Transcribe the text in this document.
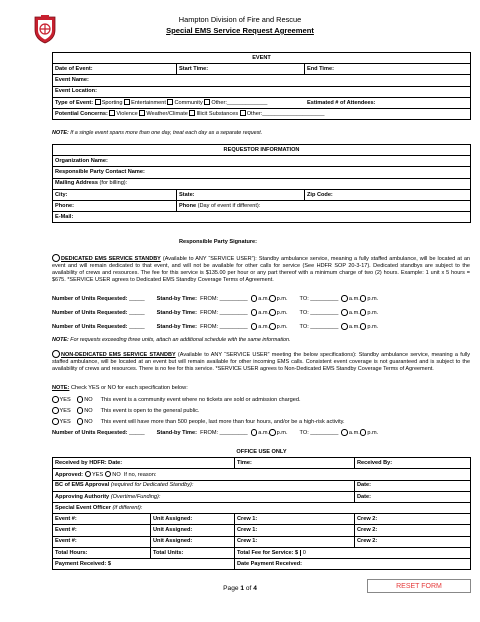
Hampton Division of Fire and Rescue
Special EMS Service Request Agreement
EVENT		
Date of Event:	Start Time:	End Time:
Event Name:		
Event Location:		
Type of Event: Sporting Entertainment Community Other:_____________		Estimated # of Attendees:
Potential Concerns: Violence Weather/Climate Illicit Substances Other:____________________		
NOTE: If a single event spans more than one day, treat each day as a separate request.
REQUESTOR INFORMATION		
Organization Name:		
Responsible Party Contact Name:		
Mailing Address (for billing):		
City:	State:	Zip Code:
Phone:	Phone (Day of event if different):	
E-Mail:		

	Responsible Party Signature:	
DEDICATED EMS SERVICE STANDBY (Available to ANY “SERVICE USER”): Standby ambulance service, meaning a fully staffed ambulance, will be located at an event and will remain dedicated to that event, and will not be available for other calls for service (See HDFR SOP 20-3-17). Dedicated standbys are subject to the availability of crews and resources. The fee for this service is $135.00 per hour or any part thereof with a minimum charge of two (2) hours. Example: 1 unit x 5 hours = $675. *SERVICE USER agrees to Dedicated EMS Standby Coverage Terms of Agreement.
Number of Units Requested: _____ Stand-by Time: FROM: _________ a.m. p.m. TO: _________ a.m. p.m.
Number of Units Requested: _____ Stand-by Time: FROM: _________ a.m. p.m. TO: _________ a.m. p.m.
Number of Units Requested: _____ Stand-by Time: FROM: _________ a.m. p.m. TO: _________ a.m. p.m.
NOTE: For requests exceeding three units, attach an additional schedule with the same information.
NON-DEDICATED EMS SERVICE STANDBY (Available to ANY “SERVICE USER” meeting the below specifications): Standby ambulance service, meaning a fully staffed ambulance, will be located at an event but will remain available for other incoming EMS calls. Consistent event coverage is not guaranteed and is subject to the availability of crews and resources. There is no fee for this service. *SERVICE USER agrees to Non-Dedicated EMS Standby Coverage Terms of Agreement.
NOTE: Check YES or NO for each specification below:
YES NO This event is a community event where no tickets are sold or admission charged.
YES NO This event is open to the general public.
YES NO This event will have more than 500 people, last more than four hours, and/or be a high-risk activity.
Number of Units Requested: _____ Stand-by Time: FROM: _________ a.m. p.m. TO: _________ a.m. p.m.
OFFICE USE ONLY			
Received by HDFR: Date:		Time:	Received By:
Approved: YES NO If no, reason:			
BC of EMS Approval (required for Dedicated Standby):			Date:
Approving Authority (Overtime/Funding):			Date:
Special Event Officer (if different):			
Event #:	Unit Assigned:	Crew 1:	Crew 2:
Event #:	Unit Assigned:	Crew 1:	Crew 2:
Event #:	Unit Assigned:	Crew 1:	Crew 2:
Total Hours:	Total Units:	Total Fee for Service: $ 0	
Payment Received: $		Date Payment Received:	
Page 1 of 4	RESET FORM
